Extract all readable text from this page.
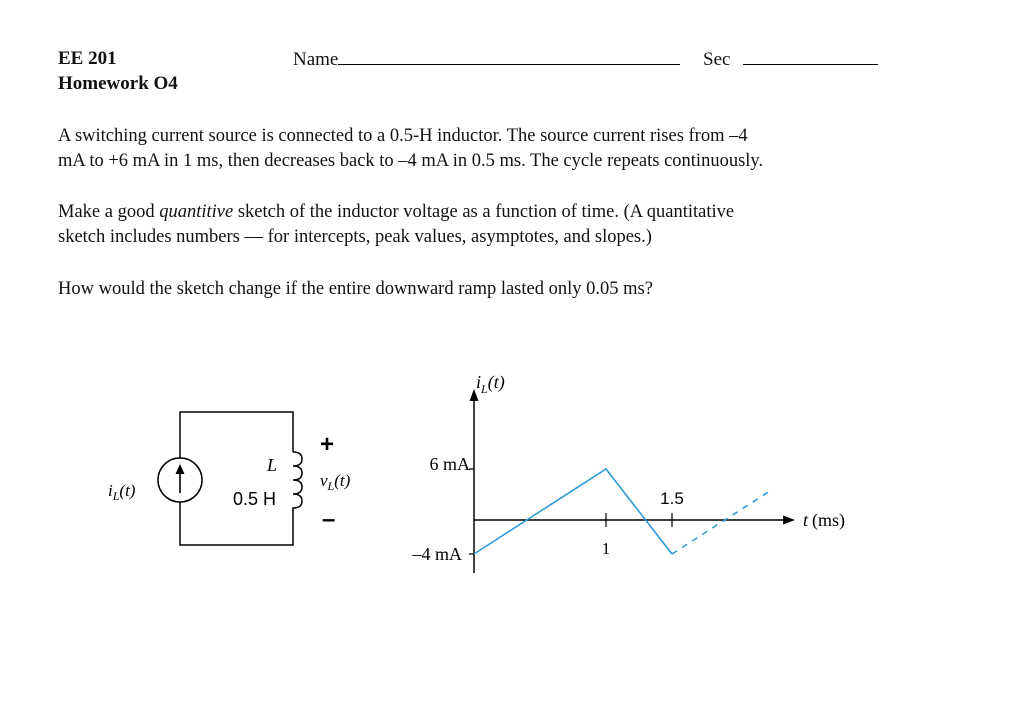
EE 201
Homework O4
Name	Sec

A switching current source is connected to a 0.5-H inductor. The source current rises from –4

mA to +6 mA in 1 ms, then decreases back to –4 mA in 0.5 ms. The cycle repeats continuously.

Make a good quantitive sketch of the inductor voltage as a function of time. (A quantitative

sketch includes numbers — for intercepts, peak values, asymptotes, and slopes.)

How would the sketch change if the entire downward ramp lasted only 0.05 ms?

$i_L(t)$
L
0.5 H
+
$v_L(t)$
–
$i_L(t)$
6 mA
–4 mA	1
1.5
t (ms)
